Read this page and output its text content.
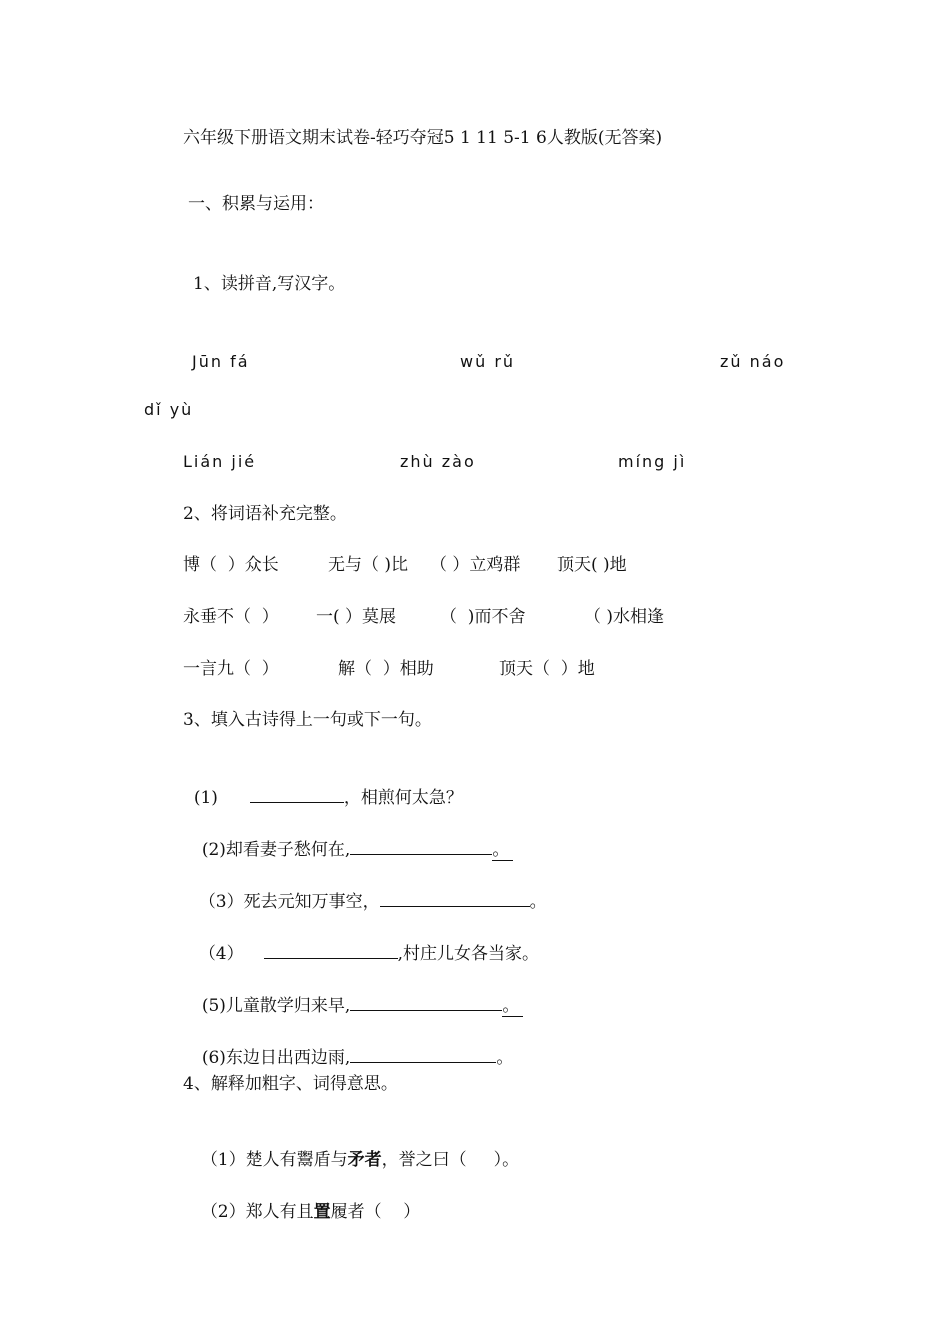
六年级下册语文期末试卷-轻巧夺冠5 1 11 5-1 6人教版(无答案)
一、积累与运用：
1、读拼音,写汉字。
Jūn fá	wǔ rǔ	zǔ náo
dǐ yù
Lián jié	zhù zào	míng jì
2、将词语补充完整。
博（  ）众长	无与（ )比 （ ）立鸡群 顶天( )地
永垂不（  ） 一( ）莫展	（  )而不舍	（ )水相逢
一言九（  ）	解（  ）相助	顶天（  ）地
3、填入古诗得上一句或下一句。

(1)	，相煎何太急？

(2)却看妻子愁何在,	。

（3）死去元知万事空，	。

（4）	,村庄儿女各当家。

(5)儿童散学归来早,	。

(6)东边日出西边雨,	。

4、解释加粗字、词得意思。

（1）楚人有鬻盾与矛者，誉之曰（     ）。

（2）郑人有且置履者（    ）
